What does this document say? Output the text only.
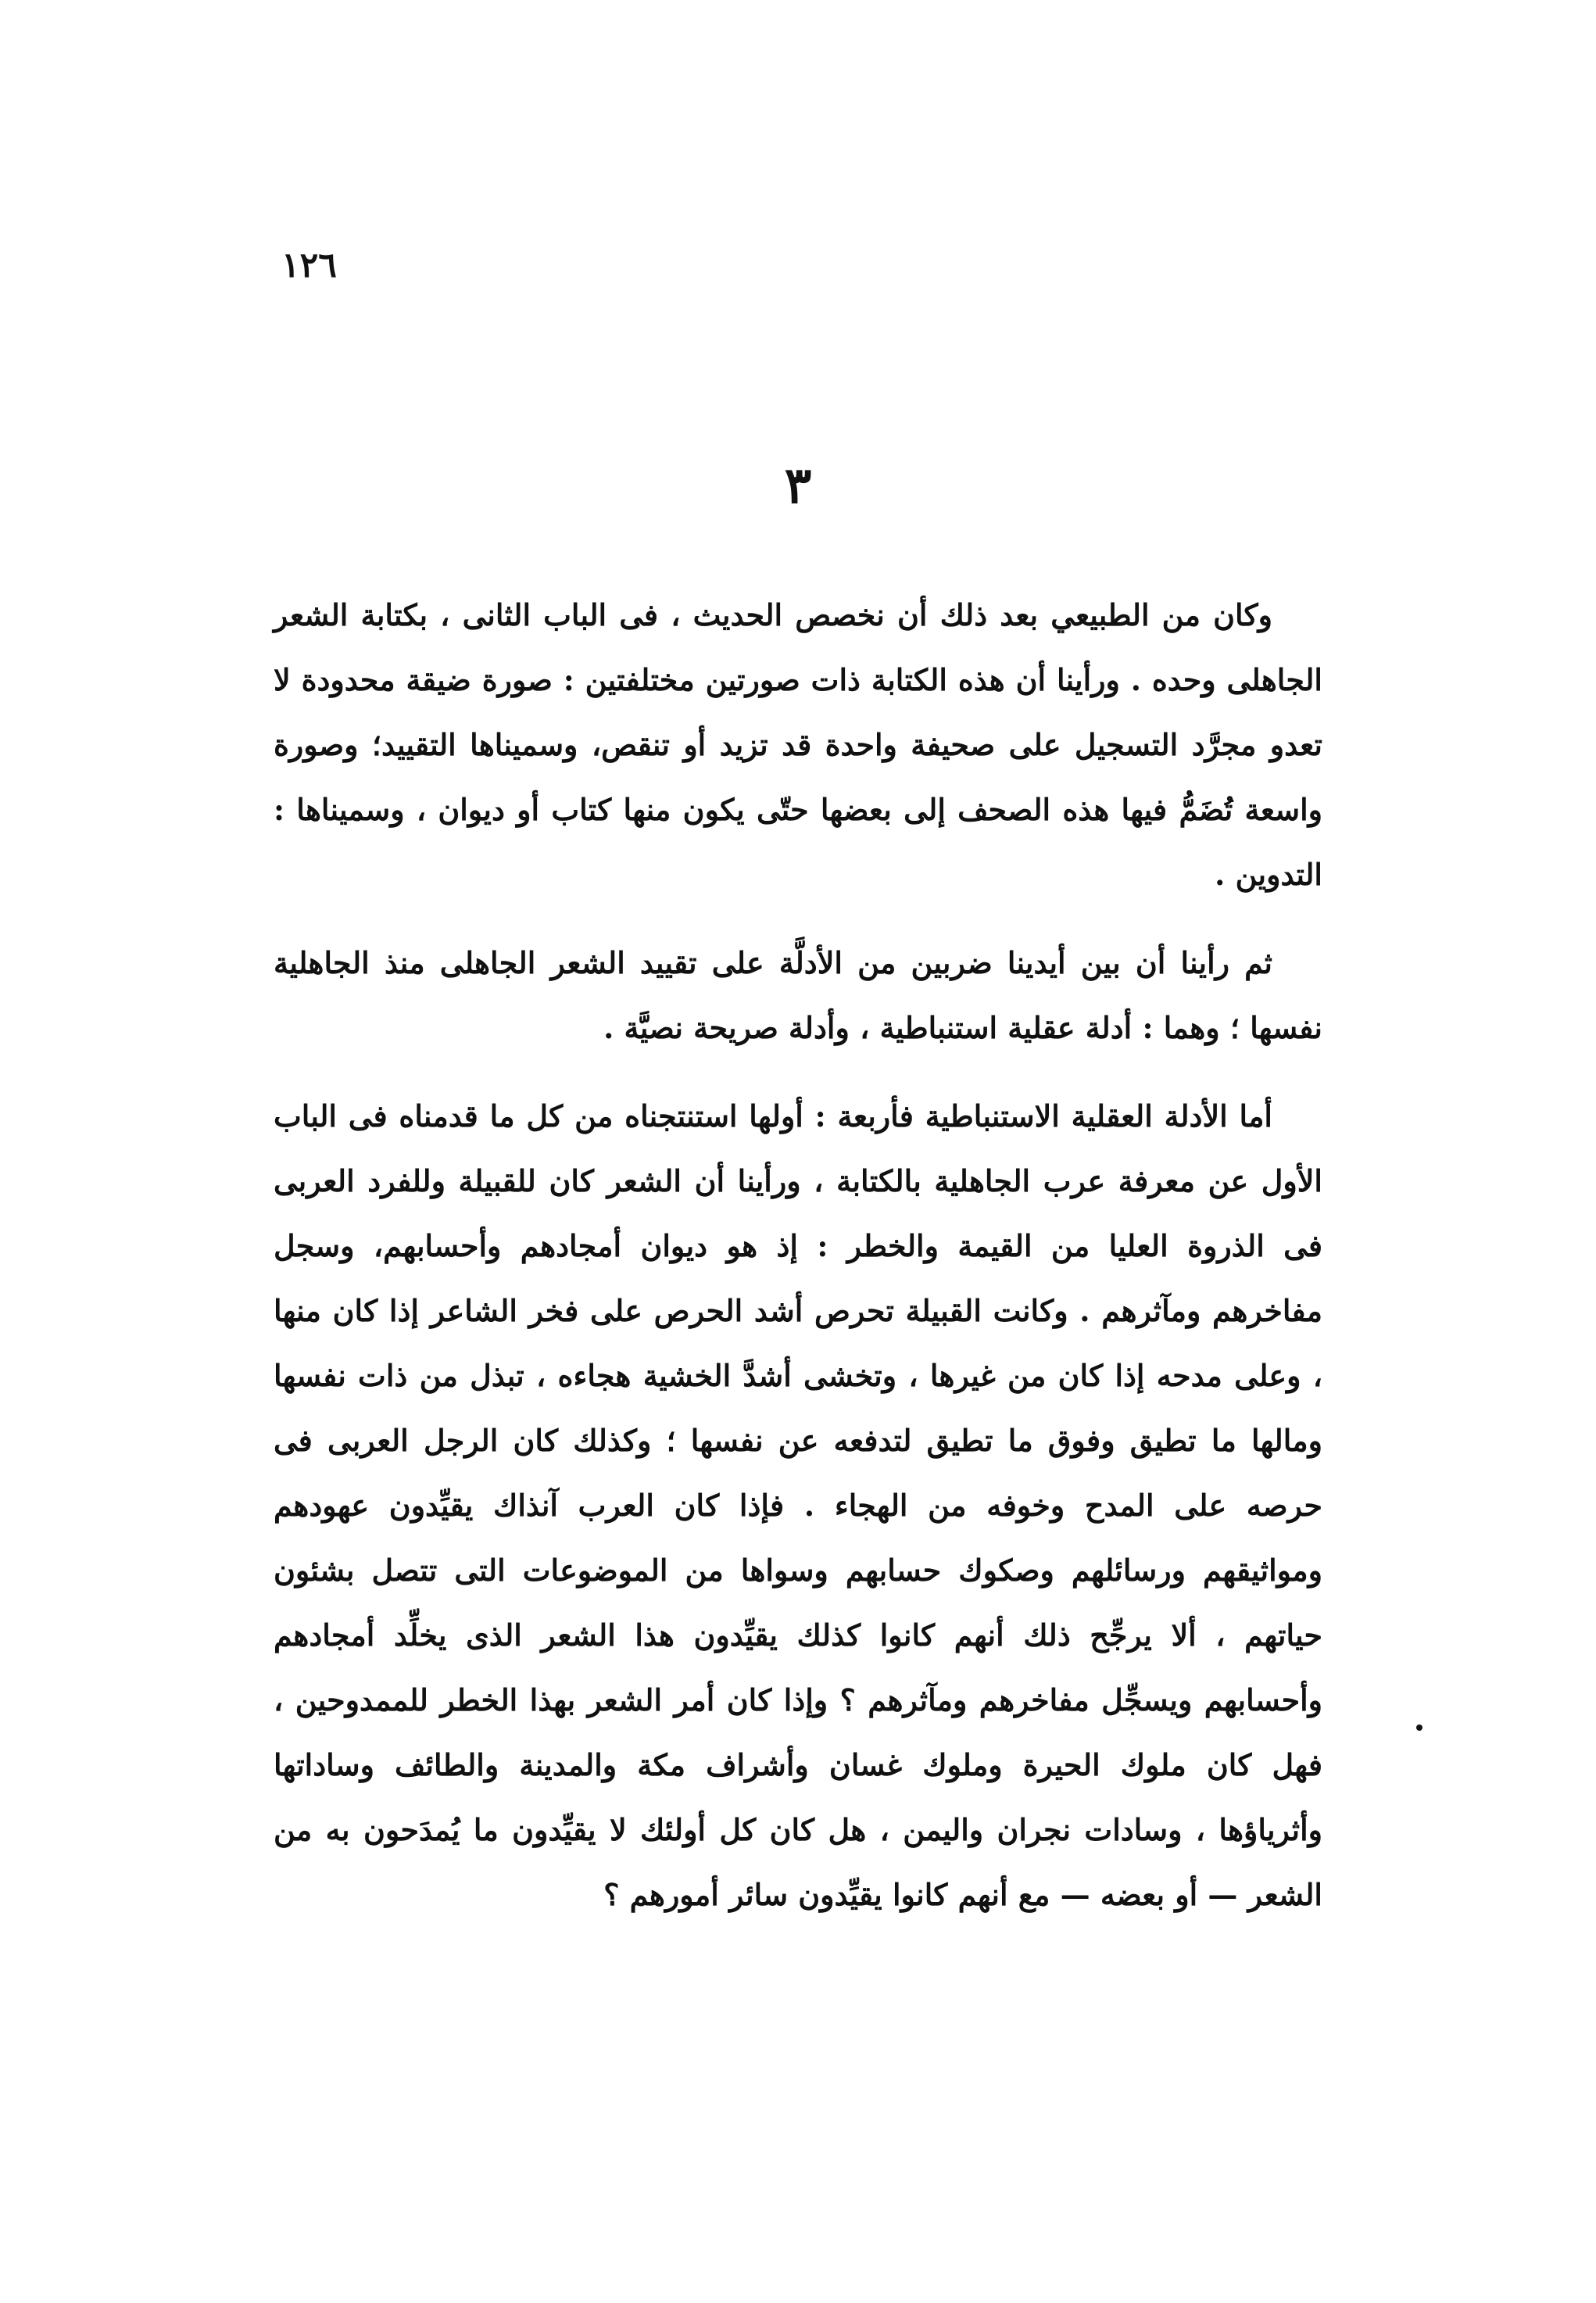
١٢٦
٣

وكان من الطبيعي بعد ذلك أن نخصص الحديث ، فى الباب الثانى ، بكتابة الشعر الجاهلى وحده . ورأينا أن هذه الكتابة ذات صورتين مختلفتين : صورة ضيقة محدودة لا تعدو مجرَّد التسجيل على صحيفة واحدة قد تزيد أو تنقص، وسميناها التقييد؛ وصورة واسعة تُضَمُّ فيها هذه الصحف إلى بعضها حتّى يكون منها كتاب أو ديوان ، وسميناها : التدوين .

ثم رأينا أن بين أيدينا ضربين من الأدلَّة على تقييد الشعر الجاهلى منذ الجاهلية نفسها ؛ وهما : أدلة عقلية استنباطية ، وأدلة صريحة نصيَّة .

أما الأدلة العقلية الاستنباطية فأربعة : أولها استنتجناه من كل ما قدمناه فى الباب الأول عن معرفة عرب الجاهلية بالكتابة ، ورأينا أن الشعر كان للقبيلة وللفرد العربى فى الذروة العليا من القيمة والخطر : إذ هو ديوان أمجادهم وأحسابهم، وسجل مفاخرهم ومآثرهم . وكانت القبيلة تحرص أشد الحرص على فخر الشاعر إذا كان منها ، وعلى مدحه إذا كان من غيرها ، وتخشى أشدَّ الخشية هجاءه ، تبذل من ذات نفسها ومالها ما تطيق وفوق ما تطيق لتدفعه عن نفسها ؛ وكذلك كان الرجل العربى فى حرصه على المدح وخوفه من الهجاء . فإذا كان العرب آنذاك يقيِّدون عهودهم ومواثيقهم ورسائلهم وصكوك حسابهم وسواها من الموضوعات التى تتصل بشئون حياتهم ، ألا يرجِّح ذلك أنهم كانوا كذلك يقيِّدون هذا الشعر الذى يخلِّد أمجادهم وأحسابهم ويسجِّل مفاخرهم ومآثرهم ؟ وإذا كان أمر الشعر بهذا الخطر للممدوحين ، فهل كان ملوك الحيرة وملوك غسان وأشراف مكة والمدينة والطائف وساداتها وأثرياؤها ، وسادات نجران واليمن ، هل كان كل أولئك لا يقيِّدون ما يُمدَحون به من الشعر — أو بعضه — مع أنهم كانوا يقيِّدون سائر أمورهم ؟
